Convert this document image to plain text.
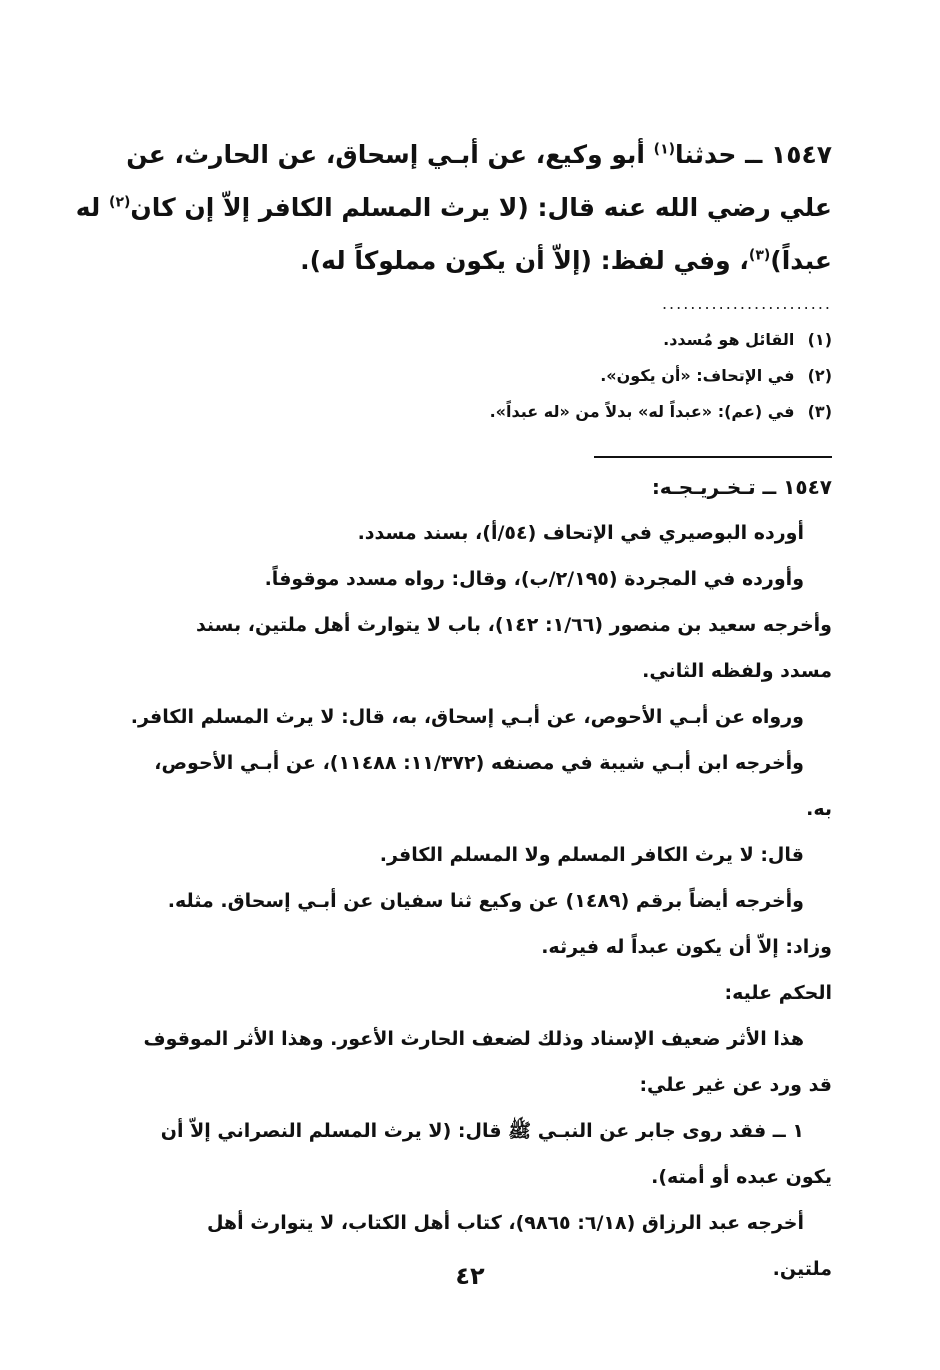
١٥٤٧ ــ حدثنا$^{(١)}$ أبو وكيع، عن أبـي إسحاق، عن الحارث، عن
علي رضي الله عنه قال: (لا يرث المسلم الكافر إلاّ إن كان$^{(٢)}$ له
عبداً)$^{(٣)}$، وفي لفظ: (إلاّ أن يكون مملوكاً له).
........................
(١) القائل هو مُسدد.
(٢) في الإتحاف: «أن يكون».
(٣) في (عم): «عبداً له» بدلاً من «له عبداً».
١٥٤٧ ــ تـخـريـجـه:
أورده البوصيري في الإتحاف (٥٤/أ)، بسند مسدد.
وأورده في المجردة (٢/١٩٥/ب)، وقال: رواه مسدد موقوفاً.
وأخرجه سعيد بن منصور (١/٦٦: ١٤٢)، باب لا يتوارث أهل ملتين، بسند
مسدد ولفظه الثاني.
ورواه عن أبـي الأحوص، عن أبـي إسحاق، به، قال: لا يرث المسلم الكافر.
وأخرجه ابن أبـي شيبة في مصنفه (١١/٣٧٢: ١١٤٨٨)، عن أبـي الأحوص،
به.
قال: لا يرث الكافر المسلم ولا المسلم الكافر.
وأخرجه أيضاً برقم (١٤٨٩) عن وكيع ثنا سفيان عن أبـي إسحاق. مثله.
وزاد: إلاّ أن يكون عبداً له فيرثه.
الحكم عليه:
هذا الأثر ضعيف الإسناد وذلك لضعف الحارث الأعور. وهذا الأثر الموقوف
قد ورد عن غير علي:
١ ــ فقد روى جابر عن النبـي ﷺ قال: (لا يرث المسلم النصراني إلاّ أن
يكون عبده أو أمته).
أخرجه عبد الرزاق (٦/١٨: ٩٨٦٥)، كتاب أهل الكتاب، لا يتوارث أهل
ملتين.
٤٢
